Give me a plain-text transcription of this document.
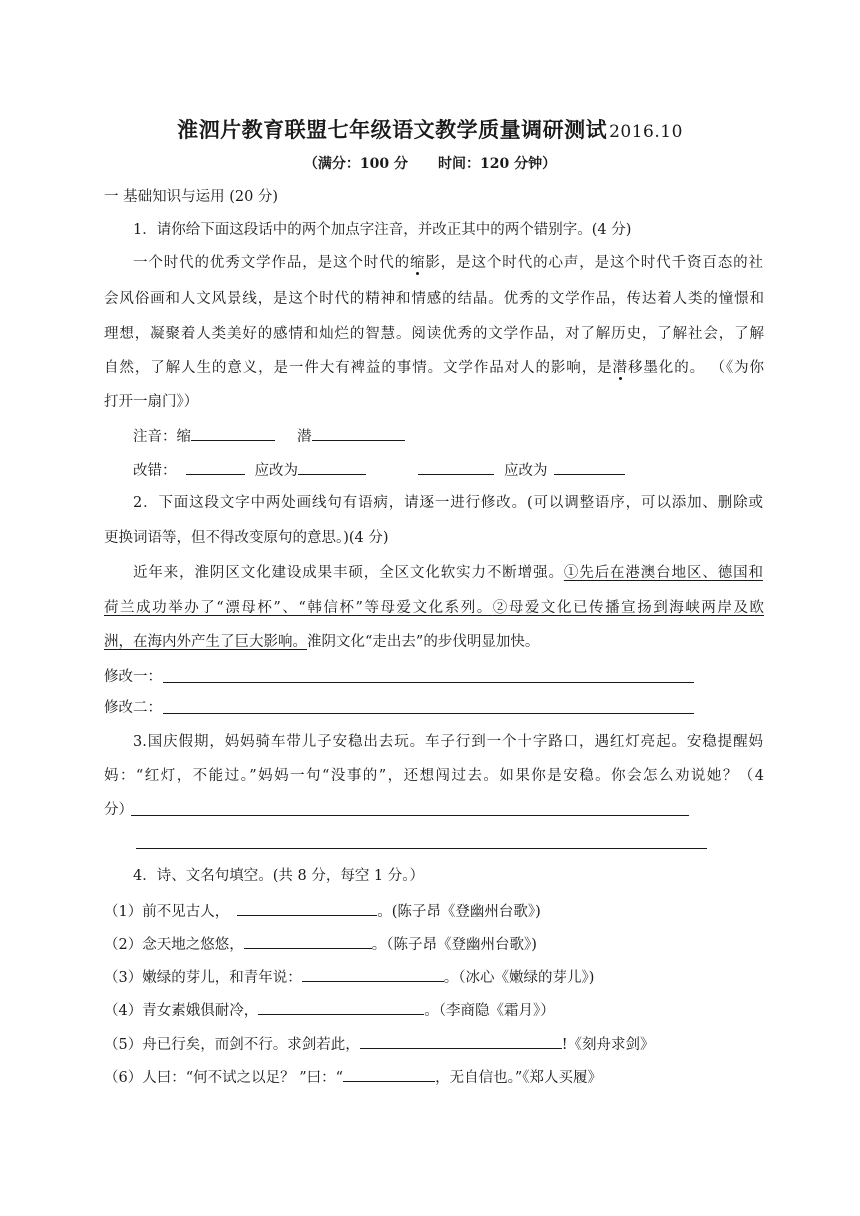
淮泗片教育联盟七年级语文教学质量调研测试 2016.10
（满分：100 分 时间：120 分钟）
一 基础知识与运用 (20 分)
1．请你给下面这段话中的两个加点字注音，并改正其中的两个错别字。(4 分)
一个时代的优秀文学作品，是这个时代的缩影，是这个时代的心声，是这个时代千资百态的社
会风俗画和人文风景线，是这个时代的精神和情感的结晶。优秀的文学作品，传达着人类的憧憬和
理想，凝聚着人类美好的感情和灿烂的智慧。阅读优秀的文学作品，对了解历史，了解社会，了解
自然，了解人生的意义，是一件大有裨益的事情。文学作品对人的影响，是潜移墨化的。 （《为你
打开一扇门》）
注音：缩	潜
改错：	应改为	应改为
2．下面这段文字中两处画线句有语病，请逐一进行修改。(可以调整语序，可以添加、删除或
更换词语等，但不得改变原句的意思。)(4 分)
近年来，淮阴区文化建设成果丰硕，全区文化软实力不断增强。①先后在港澳台地区、德国和
荷兰成功举办了“漂母杯”、“韩信杯”等母爱文化系列。②母爱文化已传播宣扬到海峡两岸及欧
洲，在海内外产生了巨大影响。淮阴文化“走出去”的步伐明显加快。
修改一：
修改二：
3.国庆假期，妈妈骑车带儿子安稳出去玩。车子行到一个十字路口，遇红灯亮起。安稳提醒妈
妈：“红灯，不能过。”妈妈一句“没事的”，还想闯过去。如果你是安稳。你会怎么劝说她？（4
分）
4．诗、文名句填空。(共 8 分，每空 1 分。）
（1）前不见古人，	。(陈子昂《登幽州台歌》)
（2）念天地之悠悠，	。（陈子昂《登幽州台歌》)
（3）嫩绿的芽儿，和青年说：	。（冰心《嫩绿的芽儿》)
（4）青女素娥俱耐冷，	。（李商隐《霜月》）
（5）舟已行矣，而剑不行。求剑若此，	!《刻舟求剑》
（6）人曰：“何不试之以足？ ”曰：“	，无自信也。”《郑人买履》
